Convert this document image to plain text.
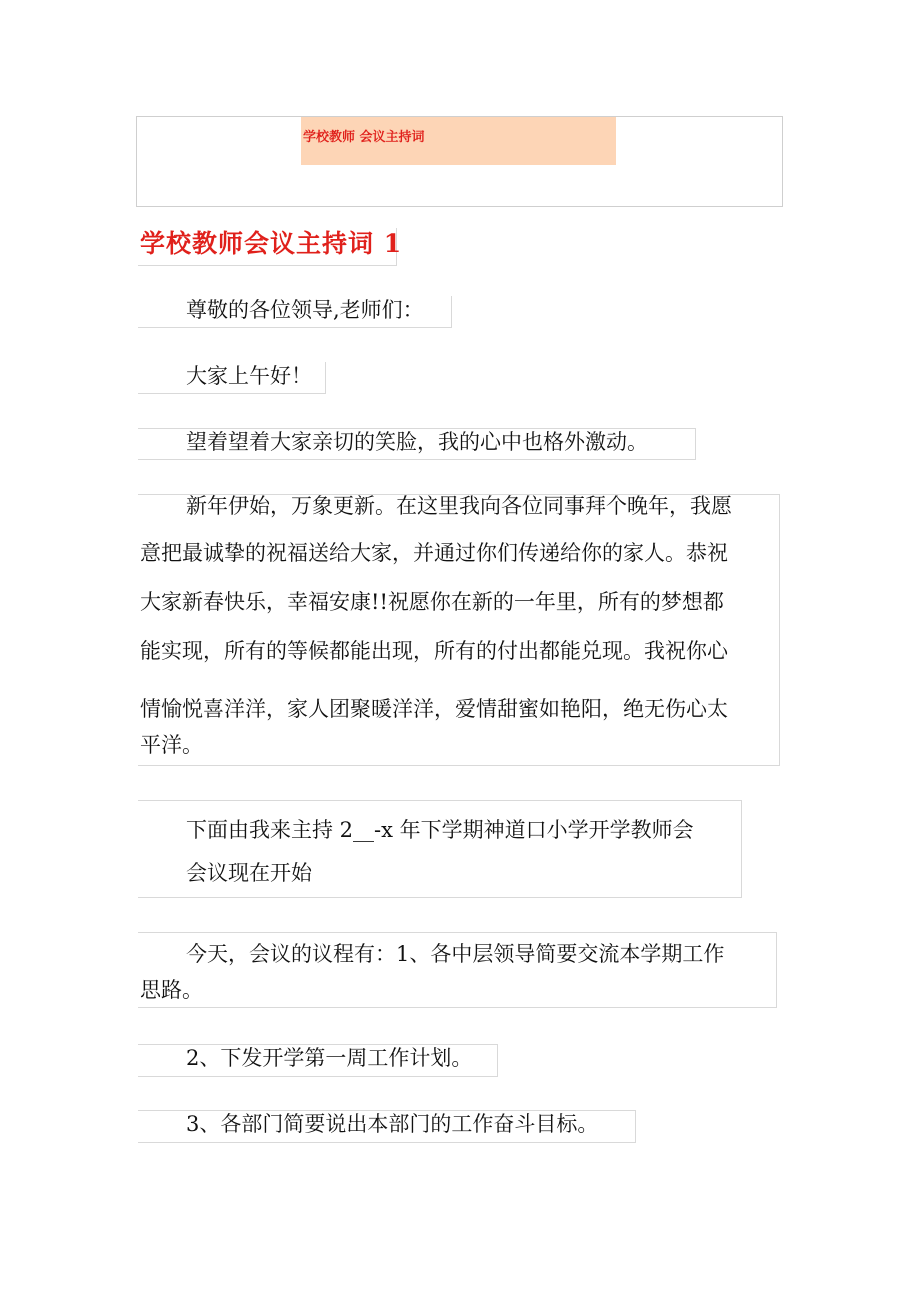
学校教师 会议主持词
学校教师会议主持词 1
尊敬的各位领导,老师们：
大家上午好！
望着望着大家亲切的笑脸，我的心中也格外激动。
新年伊始，万象更新。在这里我向各位同事拜个晚年，我愿
意把最诚挚的祝福送给大家，并通过你们传递给你的家人。恭祝
大家新春快乐，幸福安康!!祝愿你在新的一年里，所有的梦想都
能实现，所有的等候都能出现，所有的付出都能兑现。我祝你心
情愉悦喜洋洋，家人团聚暖洋洋，爱情甜蜜如艳阳，绝无伤心太
平洋。
下面由我来主持 2__-x 年下学期神道口小学开学教师会
会议现在开始
今天，会议的议程有：1、各中层领导简要交流本学期工作
思路。
2、下发开学第一周工作计划。
3、各部门简要说出本部门的工作奋斗目标。
